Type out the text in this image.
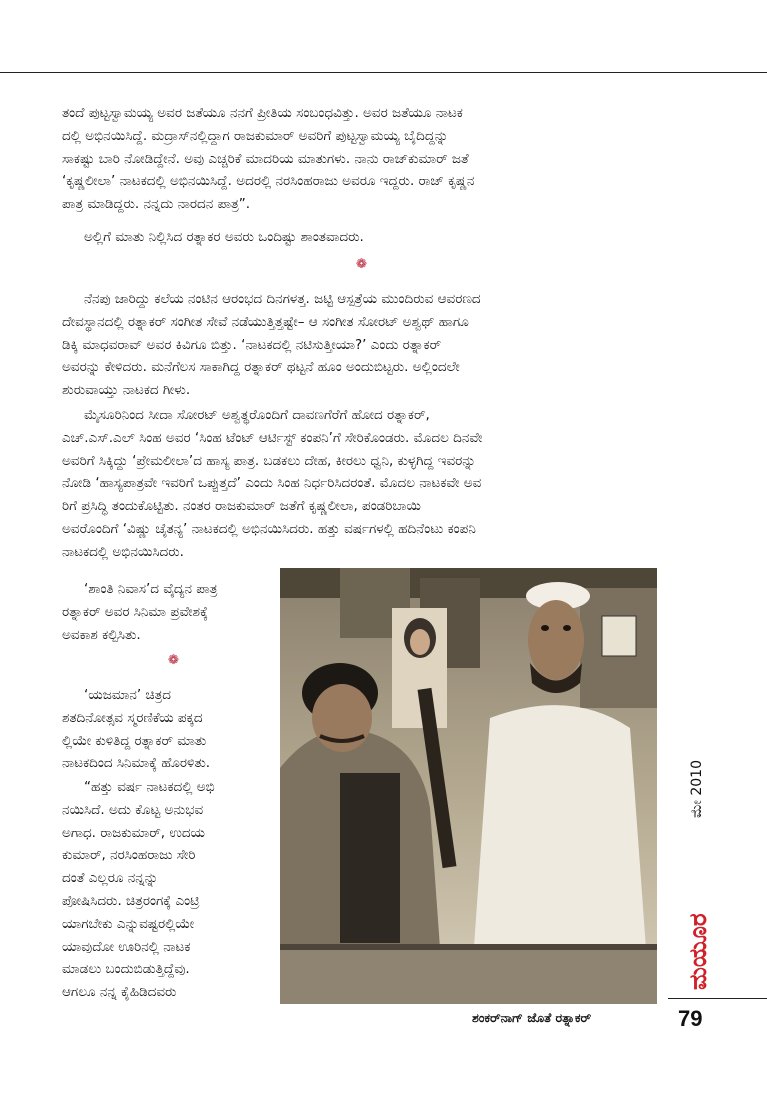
ತಂದೆ ಪುಟ್ಟಸ್ವಾಮಯ್ಯ ಅವರ ಜತೆಯೂ ನನಗೆ ಪ್ರೀತಿಯ ಸಂಬಂಧವಿತ್ತು. ಅವರ ಜತೆಯೂ ನಾಟಕ
ದಲ್ಲಿ ಅಭಿನಯಿಸಿದ್ದೆ. ಮದ್ರಾಸ್‌ನಲ್ಲಿದ್ದಾಗ ರಾಜಕುಮಾರ್ ಅವರಿಗೆ ಪುಟ್ಟಸ್ವಾಮಯ್ಯ ಬೈದಿದ್ದನ್ನು
ಸಾಕಷ್ಟು ಬಾರಿ ನೋಡಿದ್ದೇನೆ. ಅವು ಎಚ್ಚರಿಕೆ ಮಾದರಿಯ ಮಾತುಗಳು. ನಾನು ರಾಜ್‌ಕುಮಾರ್ ಜತೆ
‘ಕೃಷ್ಣಲೀಲಾ’ ನಾಟಕದಲ್ಲಿ ಅಭಿನಯಿಸಿದ್ದೆ. ಅದರಲ್ಲಿ ನರಸಿಂಹರಾಜು ಅವರೂ ಇದ್ದರು. ರಾಜ್ ಕೃಷ್ಣನ
ಪಾತ್ರ ಮಾಡಿದ್ದರು. ನನ್ನದು ನಾರದನ ಪಾತ್ರ”.
ಅಲ್ಲಿಗೆ ಮಾತು ನಿಲ್ಲಿಸಿದ ರತ್ನಾಕರ ಅವರು ಒಂದಿಷ್ಟು ಶಾಂತವಾದರು.
❁
ನೆನಪು ಜಾರಿದ್ದು ಕಲೆಯ ನಂಟಿನ ಆರಂಭದ ದಿನಗಳತ್ತ. ಜಟ್ಟಿ ಆಸ್ಪತ್ರೆಯ ಮುಂದಿರುವ ಆವರಣದ
ದೇವಸ್ಥಾನದಲ್ಲಿ ರತ್ನಾಕರ್ ಸಂಗೀತ ಸೇವೆ ನಡೆಯುತ್ತಿತ್ತಷ್ಟೇ– ಆ ಸಂಗೀತ ಸೋರಟ್ ಅಶ್ವಥ್ ಹಾಗೂ
ಡಿಕ್ಕಿ ಮಾಧವರಾವ್ ಅವರ ಕಿವಿಗೂ ಬಿತ್ತು. ‘ನಾಟಕದಲ್ಲಿ ನಟಿಸುತ್ತೀಯಾ?’ ಎಂದು ರತ್ನಾಕರ್
ಅವರನ್ನು ಕೇಳಿದರು. ಮನೆಗೆಲಸ ಸಾಕಾಗಿದ್ದ ರತ್ನಾಕರ್ ಥಟ್ಟನೆ ಹೂಂ ಅಂದುಬಿಟ್ಟರು. ಅಲ್ಲಿಂದಲೇ
ಶುರುವಾಯ್ತು ನಾಟಕದ ಗೀಳು.
ಮೈಸೂರಿನಿಂದ ಸೀದಾ ಸೋರಟ್ ಅಶ್ವತ್ಥರೊಂದಿಗೆ ದಾವಣಗೆರೆಗೆ ಹೋದ ರತ್ನಾಕರ್,
ಎಚ್.ಎಸ್.ಎಲ್ ಸಿಂಹ ಅವರ ‘ಸಿಂಹ ಟೆಂಟ್ ಆರ್ಟಿಸ್ಟ್ ಕಂಪನಿ’ಗೆ ಸೇರಿಕೊಂಡರು. ಮೊದಲ ದಿನವೇ
ಅವರಿಗೆ ಸಿಕ್ಕಿದ್ದು ‘ಪ್ರೇಮಲೀಲಾ’ದ ಹಾಸ್ಯ ಪಾತ್ರ. ಬಡಕಲು ದೇಹ, ಕೀರಲು ಧ್ವನಿ, ಕುಳ್ಳಗಿದ್ದ ಇವರನ್ನು
ನೋಡಿ ‘ಹಾಸ್ಯಪಾತ್ರವೇ ಇವರಿಗೆ ಒಪ್ಪುತ್ತದೆ’ ಎಂದು ಸಿಂಹ ನಿರ್ಧರಿಸಿದರಂತೆ. ಮೊದಲ ನಾಟಕವೇ ಅವ
ರಿಗೆ ಪ್ರಸಿದ್ಧಿ ತಂದುಕೊಟ್ಟಿತು. ನಂತರ ರಾಜಕುಮಾರ್ ಜತೆಗೆ ಕೃಷ್ಣಲೀಲಾ, ಪಂಡರಿಬಾಯಿ
ಅವರೊಂದಿಗೆ ‘ವಿಷ್ಣು ಚೈತನ್ಯ’ ನಾಟಕದಲ್ಲಿ ಅಭಿನಯಿಸಿದರು. ಹತ್ತು ವರ್ಷಗಳಲ್ಲಿ ಹದಿನೆಂಟು ಕಂಪನಿ
ನಾಟಕದಲ್ಲಿ ಅಭಿನಯಿಸಿದರು.
‘ಶಾಂತಿ ನಿವಾಸ’ದ ವೈದ್ಯನ ಪಾತ್ರ
ರತ್ನಾಕರ್ ಅವರ ಸಿನಿಮಾ ಪ್ರವೇಶಕ್ಕೆ
ಅವಕಾಶ ಕಲ್ಪಿಸಿತು.
❁
‘ಯಜಮಾನ’ ಚಿತ್ರದ
ಶತದಿನೋತ್ಸವ ಸ್ಮರಣಿಕೆಯ ಪಕ್ಕದ
ಲ್ಲಿಯೇ ಕುಳಿತಿದ್ದ ರತ್ನಾಕರ್ ಮಾತು
ನಾಟಕದಿಂದ ಸಿನಿಮಾಕ್ಕೆ ಹೊರಳಿತು.
“ಹತ್ತು ವರ್ಷ ನಾಟಕದಲ್ಲಿ ಅಭಿ
ನಯಿಸಿದೆ. ಅದು ಕೊಟ್ಟ ಅನುಭವ
ಅಗಾಧ. ರಾಜಕುಮಾರ್, ಉದಯ
ಕುಮಾರ್, ನರಸಿಂಹರಾಜು ಸೇರಿ
ದಂತೆ ಎಲ್ಲರೂ ನನ್ನನ್ನು
ಪೋಷಿಸಿದರು. ಚಿತ್ರರಂಗಕ್ಕೆ ಎಂಟ್ರಿ
ಯಾಗಬೇಕು ಎನ್ನುವಷ್ಟರಲ್ಲಿಯೇ
ಯಾವುದೋ ಊರಿನಲ್ಲಿ ನಾಟಕ
ಮಾಡಲು ಬಂದುಬಿಡುತ್ತಿದ್ದೆವು.
ಆಗಲೂ ನನ್ನ ಕೈಹಿಡಿದವರು
ಶಂಕರ್‌ನಾಗ್ ಜೊತೆ ರತ್ನಾಕರ್
ಮೇ 2010
ಮಯೂರ
79
